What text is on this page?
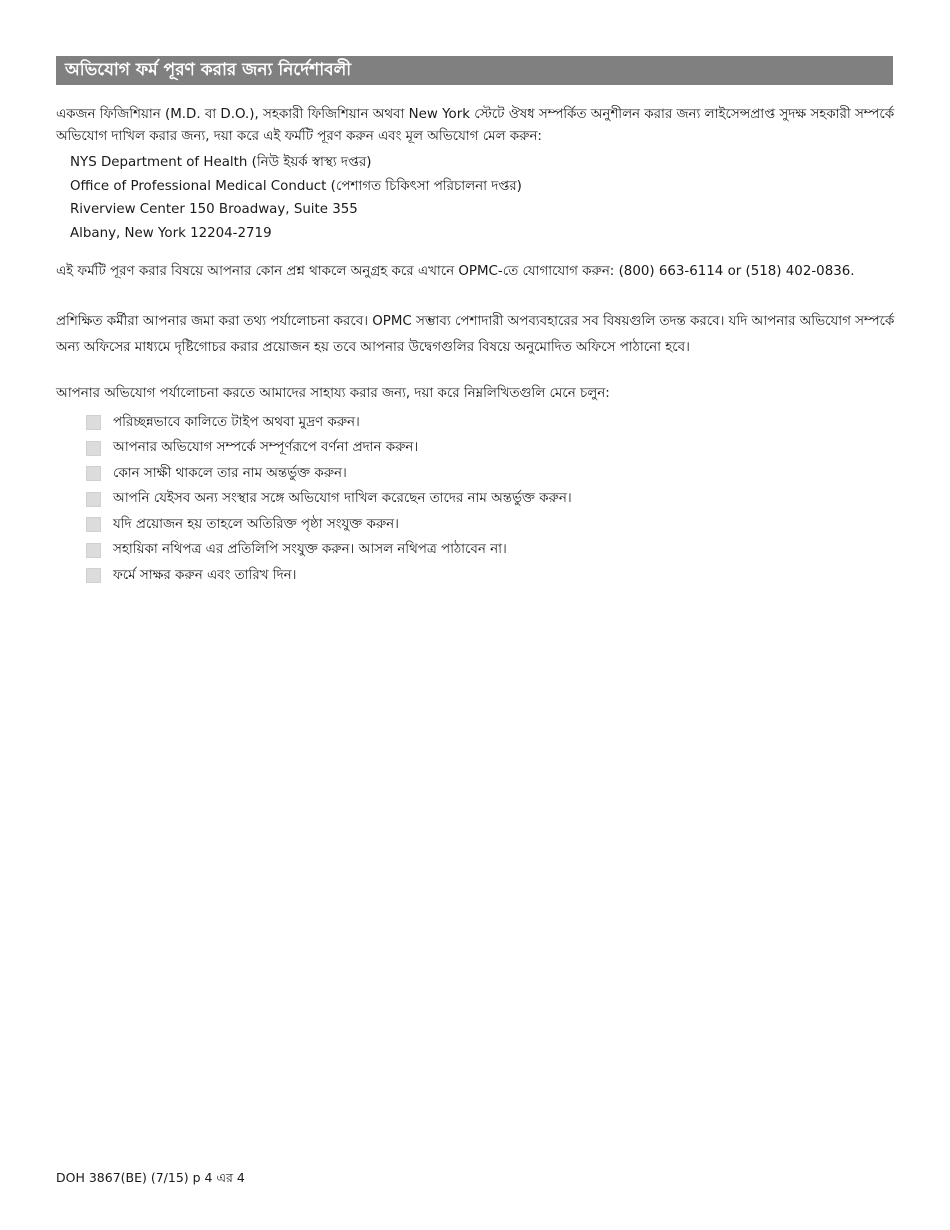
অভিযোগ ফর্ম পূরণ করার জন্য নির্দেশাবলী

একজন ফিজিশিয়ান (M.D. বা D.O.), সহকারী ফিজিশিয়ান অথবা New York স্টেটে ঔষধ সম্পর্কিত অনুশীলন করার জন্য লাইসেন্সপ্রাপ্ত সুদক্ষ সহকারী সম্পর্কে অভিযোগ দাখিল করার জন্য, দয়া করে এই ফর্মটি পূরণ করুন এবং মূল অভিযোগ মেল করুন:

NYS Department of Health (নিউ ইয়র্ক স্বাস্থ্য দপ্তর)
Office of Professional Medical Conduct (পেশাগত চিকিৎসা পরিচালনা দপ্তর)
Riverview Center 150 Broadway, Suite 355
Albany, New York 12204-2719

এই ফর্মটি পূরণ করার বিষয়ে আপনার কোন প্রশ্ন থাকলে অনুগ্রহ করে এখানে OPMC-তে যোগাযোগ করুন: (800) 663-6114 or (518) 402-0836.

প্রশিক্ষিত কর্মীরা আপনার জমা করা তথ্য পর্যালোচনা করবে। OPMC সম্ভাব্য পেশাদারী অপব্যবহারের সব বিষয়গুলি তদন্ত করবে। যদি আপনার অভিযোগ সম্পর্কে অন্য অফিসের মাধ্যমে দৃষ্টিগোচর করার প্রয়োজন হয় তবে আপনার উদ্বেগগুলির বিষয়ে অনুমোদিত অফিসে পাঠানো হবে।

আপনার অভিযোগ পর্যালোচনা করতে আমাদের সাহায্য করার জন্য, দয়া করে নিম্নলিখিতগুলি মেনে চলুন:

পরিচ্ছন্নভাবে কালিতে টাইপ অথবা মুদ্রণ করুন।
আপনার অভিযোগ সম্পর্কে সম্পূর্ণরূপে বর্ণনা প্রদান করুন।
কোন সাক্ষী থাকলে তার নাম অন্তর্ভুক্ত করুন।
আপনি যেইসব অন্য সংস্থার সঙ্গে অভিযোগ দাখিল করেছেন তাদের নাম অন্তর্ভুক্ত করুন।
যদি প্রয়োজন হয় তাহলে অতিরিক্ত পৃষ্ঠা সংযুক্ত করুন।
সহায়িকা নথিপত্র এর প্রতিলিপি সংযুক্ত করুন। আসল নথিপত্র পাঠাবেন না।
ফর্মে সাক্ষর করুন এবং তারিখ দিন।
DOH 3867(BE) (7/15) p 4 এর 4
